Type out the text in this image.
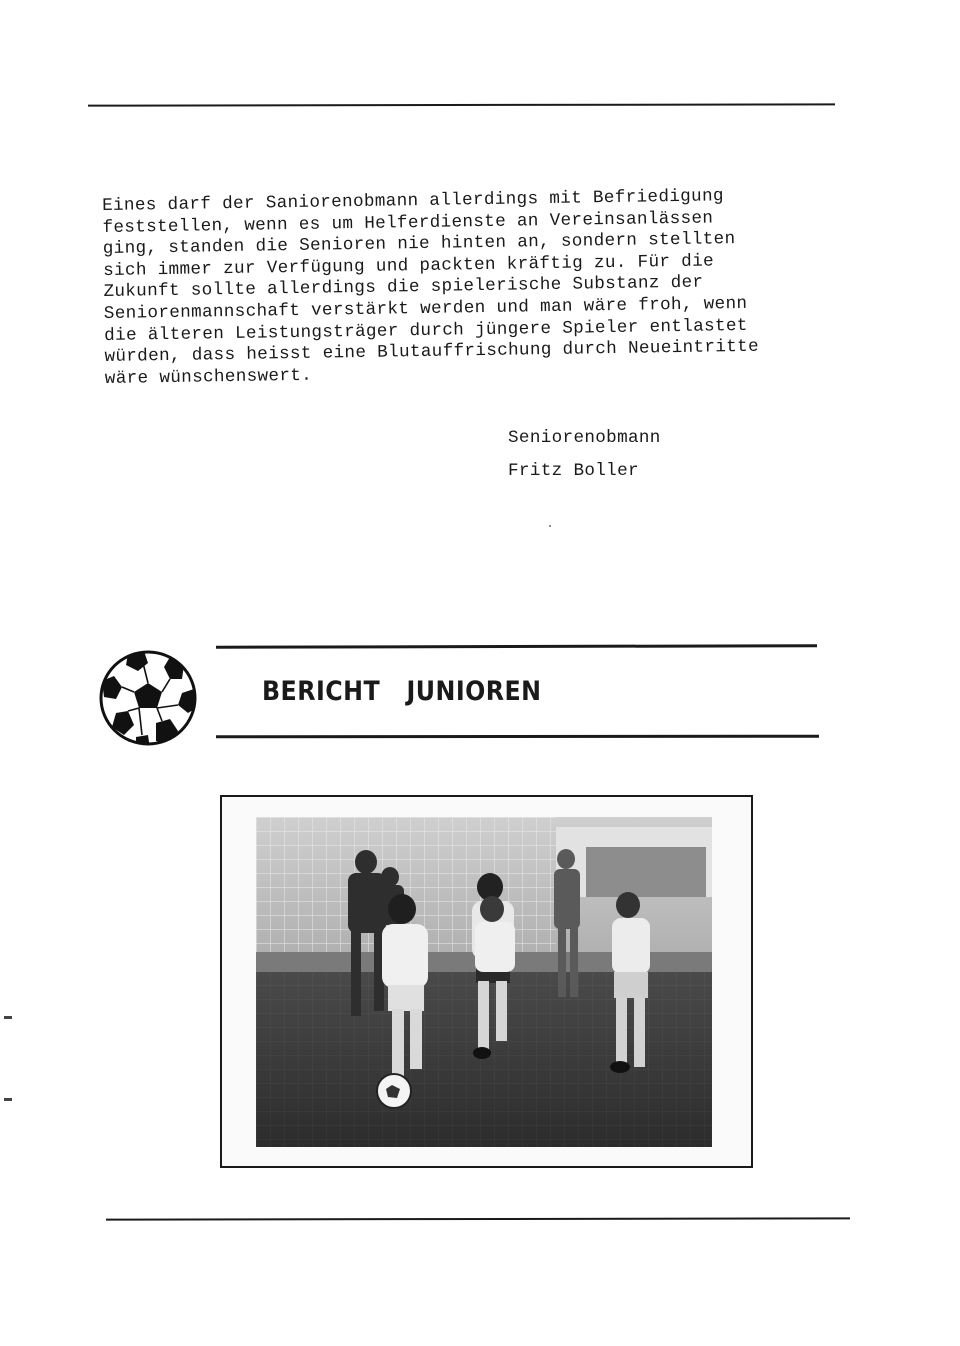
Eines darf der Saniorenobmann allerdings mit Befriedigung
feststellen, wenn es um Helferdienste an Vereinsanlässen
ging, standen die Senioren nie hinten an, sondern stellten
sich immer zur Verfügung und packten kräftig zu. Für die
Zukunft sollte allerdings die spielerische Substanz der
Seniorenmannschaft verstärkt werden und man wäre froh, wenn
die älteren Leistungsträger durch jüngere Spieler entlastet
würden, dass heisst eine Blutauffrischung durch Neueintritte
wäre wünschenswert.

Seniorenobmann

Fritz Boller

BERICHT JUNIOREN
